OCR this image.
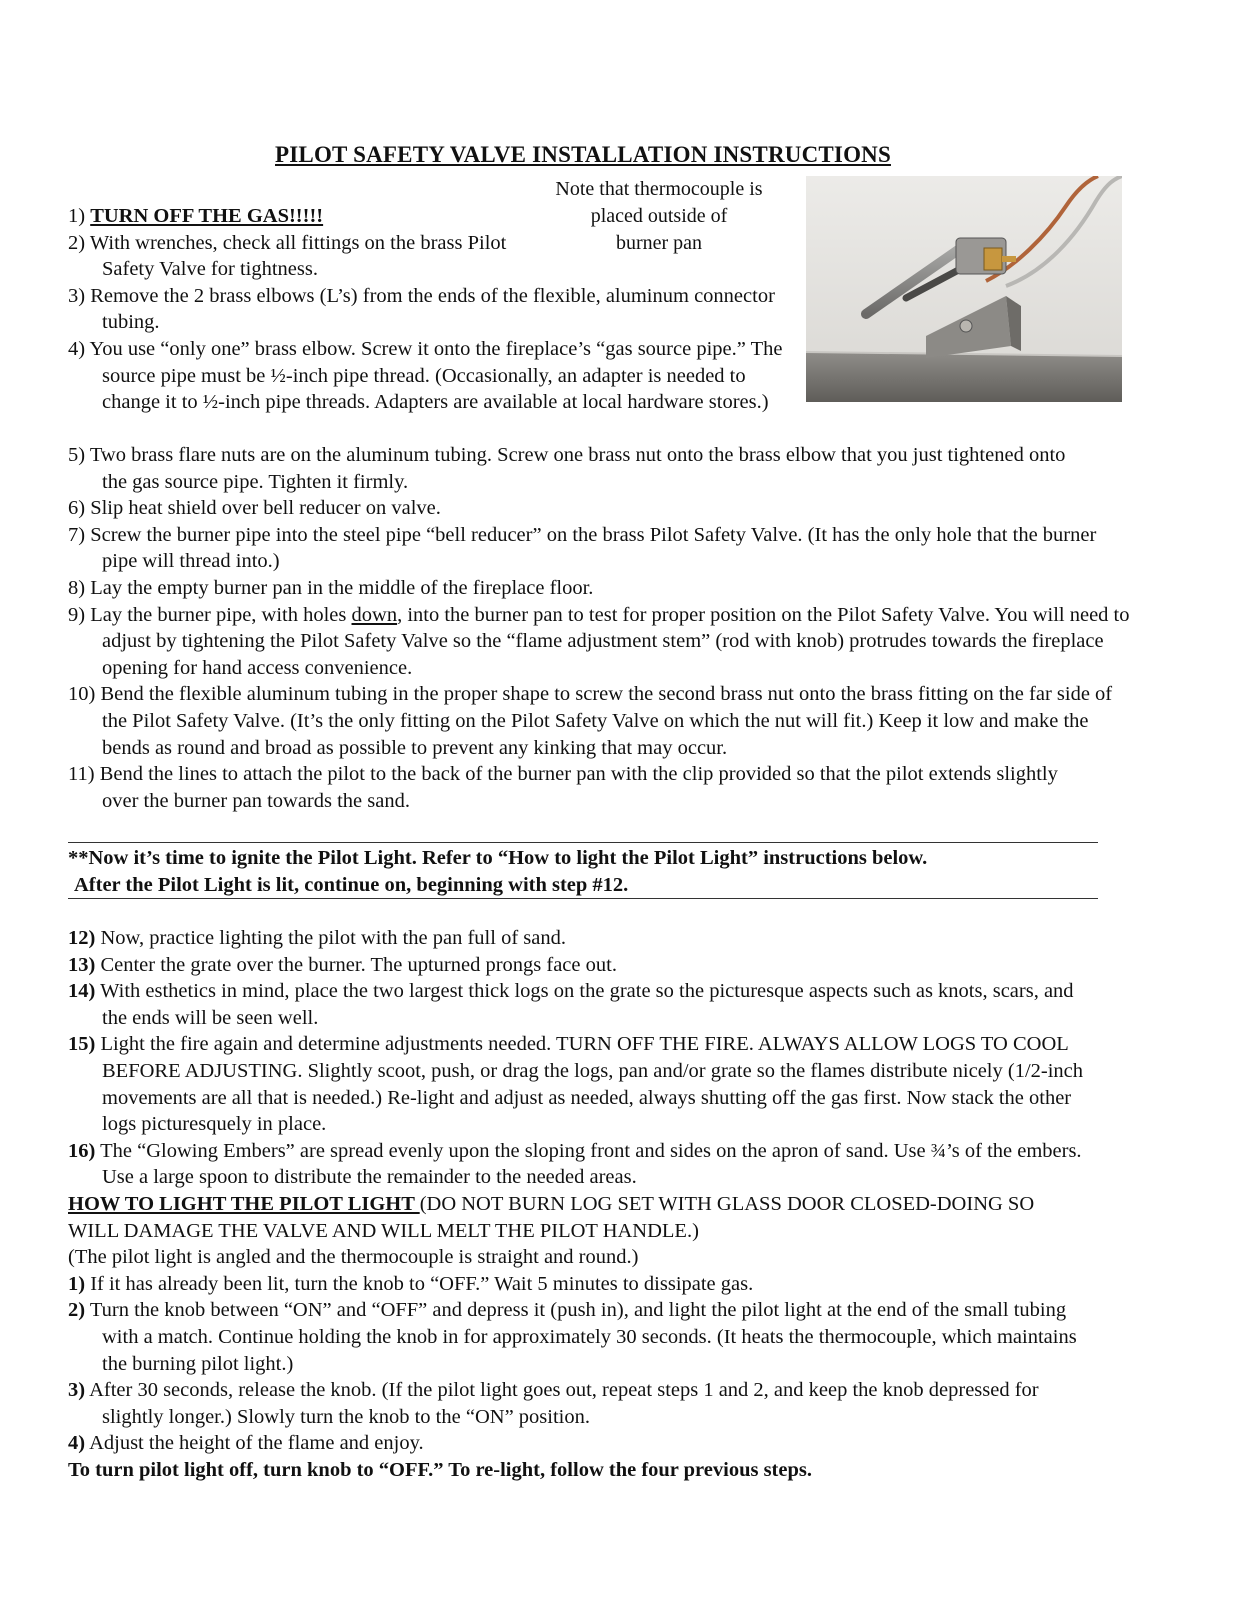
PILOT SAFETY VALVE INSTALLATION INSTRUCTIONS
Note that thermocouple is
placed outside of
burner pan

1) TURN OFF THE GAS!!!!!

2) With wrenches, check all fittings on the brass Pilot Safety Valve for tightness.

3) Remove the 2 brass elbows (L’s) from the ends of the flexible, aluminum connector tubing.

4) You use “only one” brass elbow. Screw it onto the fireplace’s “gas source pipe.” The source pipe must be ½-inch pipe thread. (Occasionally, an adapter is needed to change it to ½-inch pipe threads. Adapters are available at local hardware stores.)

5) Two brass flare nuts are on the aluminum tubing. Screw one brass nut onto the brass elbow that you just tightened onto the gas source pipe. Tighten it firmly.

6) Slip heat shield over bell reducer on valve.

7) Screw the burner pipe into the steel pipe “bell reducer” on the brass Pilot Safety Valve. (It has the only hole that the burner pipe will thread into.)

8) Lay the empty burner pan in the middle of the fireplace floor.

9) Lay the burner pipe, with holes down, into the burner pan to test for proper position on the Pilot Safety Valve. You will need to adjust by tightening the Pilot Safety Valve so the “flame adjustment stem” (rod with knob) protrudes towards the fireplace opening for hand access convenience.

10) Bend the flexible aluminum tubing in the proper shape to screw the second brass nut onto the brass fitting on the far side of the Pilot Safety Valve. (It’s the only fitting on the Pilot Safety Valve on which the nut will fit.) Keep it low and make the bends as round and broad as possible to prevent any kinking that may occur.

11) Bend the lines to attach the pilot to the back of the burner pan with the clip provided so that the pilot extends slightly over the burner pan towards the sand.

**Now it’s time to ignite the Pilot Light. Refer to “How to light the Pilot Light” instructions below.
After the Pilot Light is lit, continue on, beginning with step #12.

12) Now, practice lighting the pilot with the pan full of sand.

13) Center the grate over the burner. The upturned prongs face out.

14) With esthetics in mind, place the two largest thick logs on the grate so the picturesque aspects such as knots, scars, and the ends will be seen well.

15) Light the fire again and determine adjustments needed. TURN OFF THE FIRE. ALWAYS ALLOW LOGS TO COOL BEFORE ADJUSTING. Slightly scoot, push, or drag the logs, pan and/or grate so the flames distribute nicely (1/2-inch movements are all that is needed.) Re-light and adjust as needed, always shutting off the gas first. Now stack the other logs picturesquely in place.

16) The “Glowing Embers” are spread evenly upon the sloping front and sides on the apron of sand. Use ¾’s of the embers. Use a large spoon to distribute the remainder to the needed areas.

HOW TO LIGHT THE PILOT LIGHT (DO NOT BURN LOG SET WITH GLASS DOOR CLOSED-DOING SO WILL DAMAGE THE VALVE AND WILL MELT THE PILOT HANDLE.)

(The pilot light is angled and the thermocouple is straight and round.)

1) If it has already been lit, turn the knob to “OFF.” Wait 5 minutes to dissipate gas.

2) Turn the knob between “ON” and “OFF” and depress it (push in), and light the pilot light at the end of the small tubing with a match. Continue holding the knob in for approximately 30 seconds. (It heats the thermocouple, which maintains the burning pilot light.)

3) After 30 seconds, release the knob. (If the pilot light goes out, repeat steps 1 and 2, and keep the knob depressed for slightly longer.) Slowly turn the knob to the “ON” position.

4) Adjust the height of the flame and enjoy.

To turn pilot light off, turn knob to “OFF.” To re-light, follow the four previous steps.
